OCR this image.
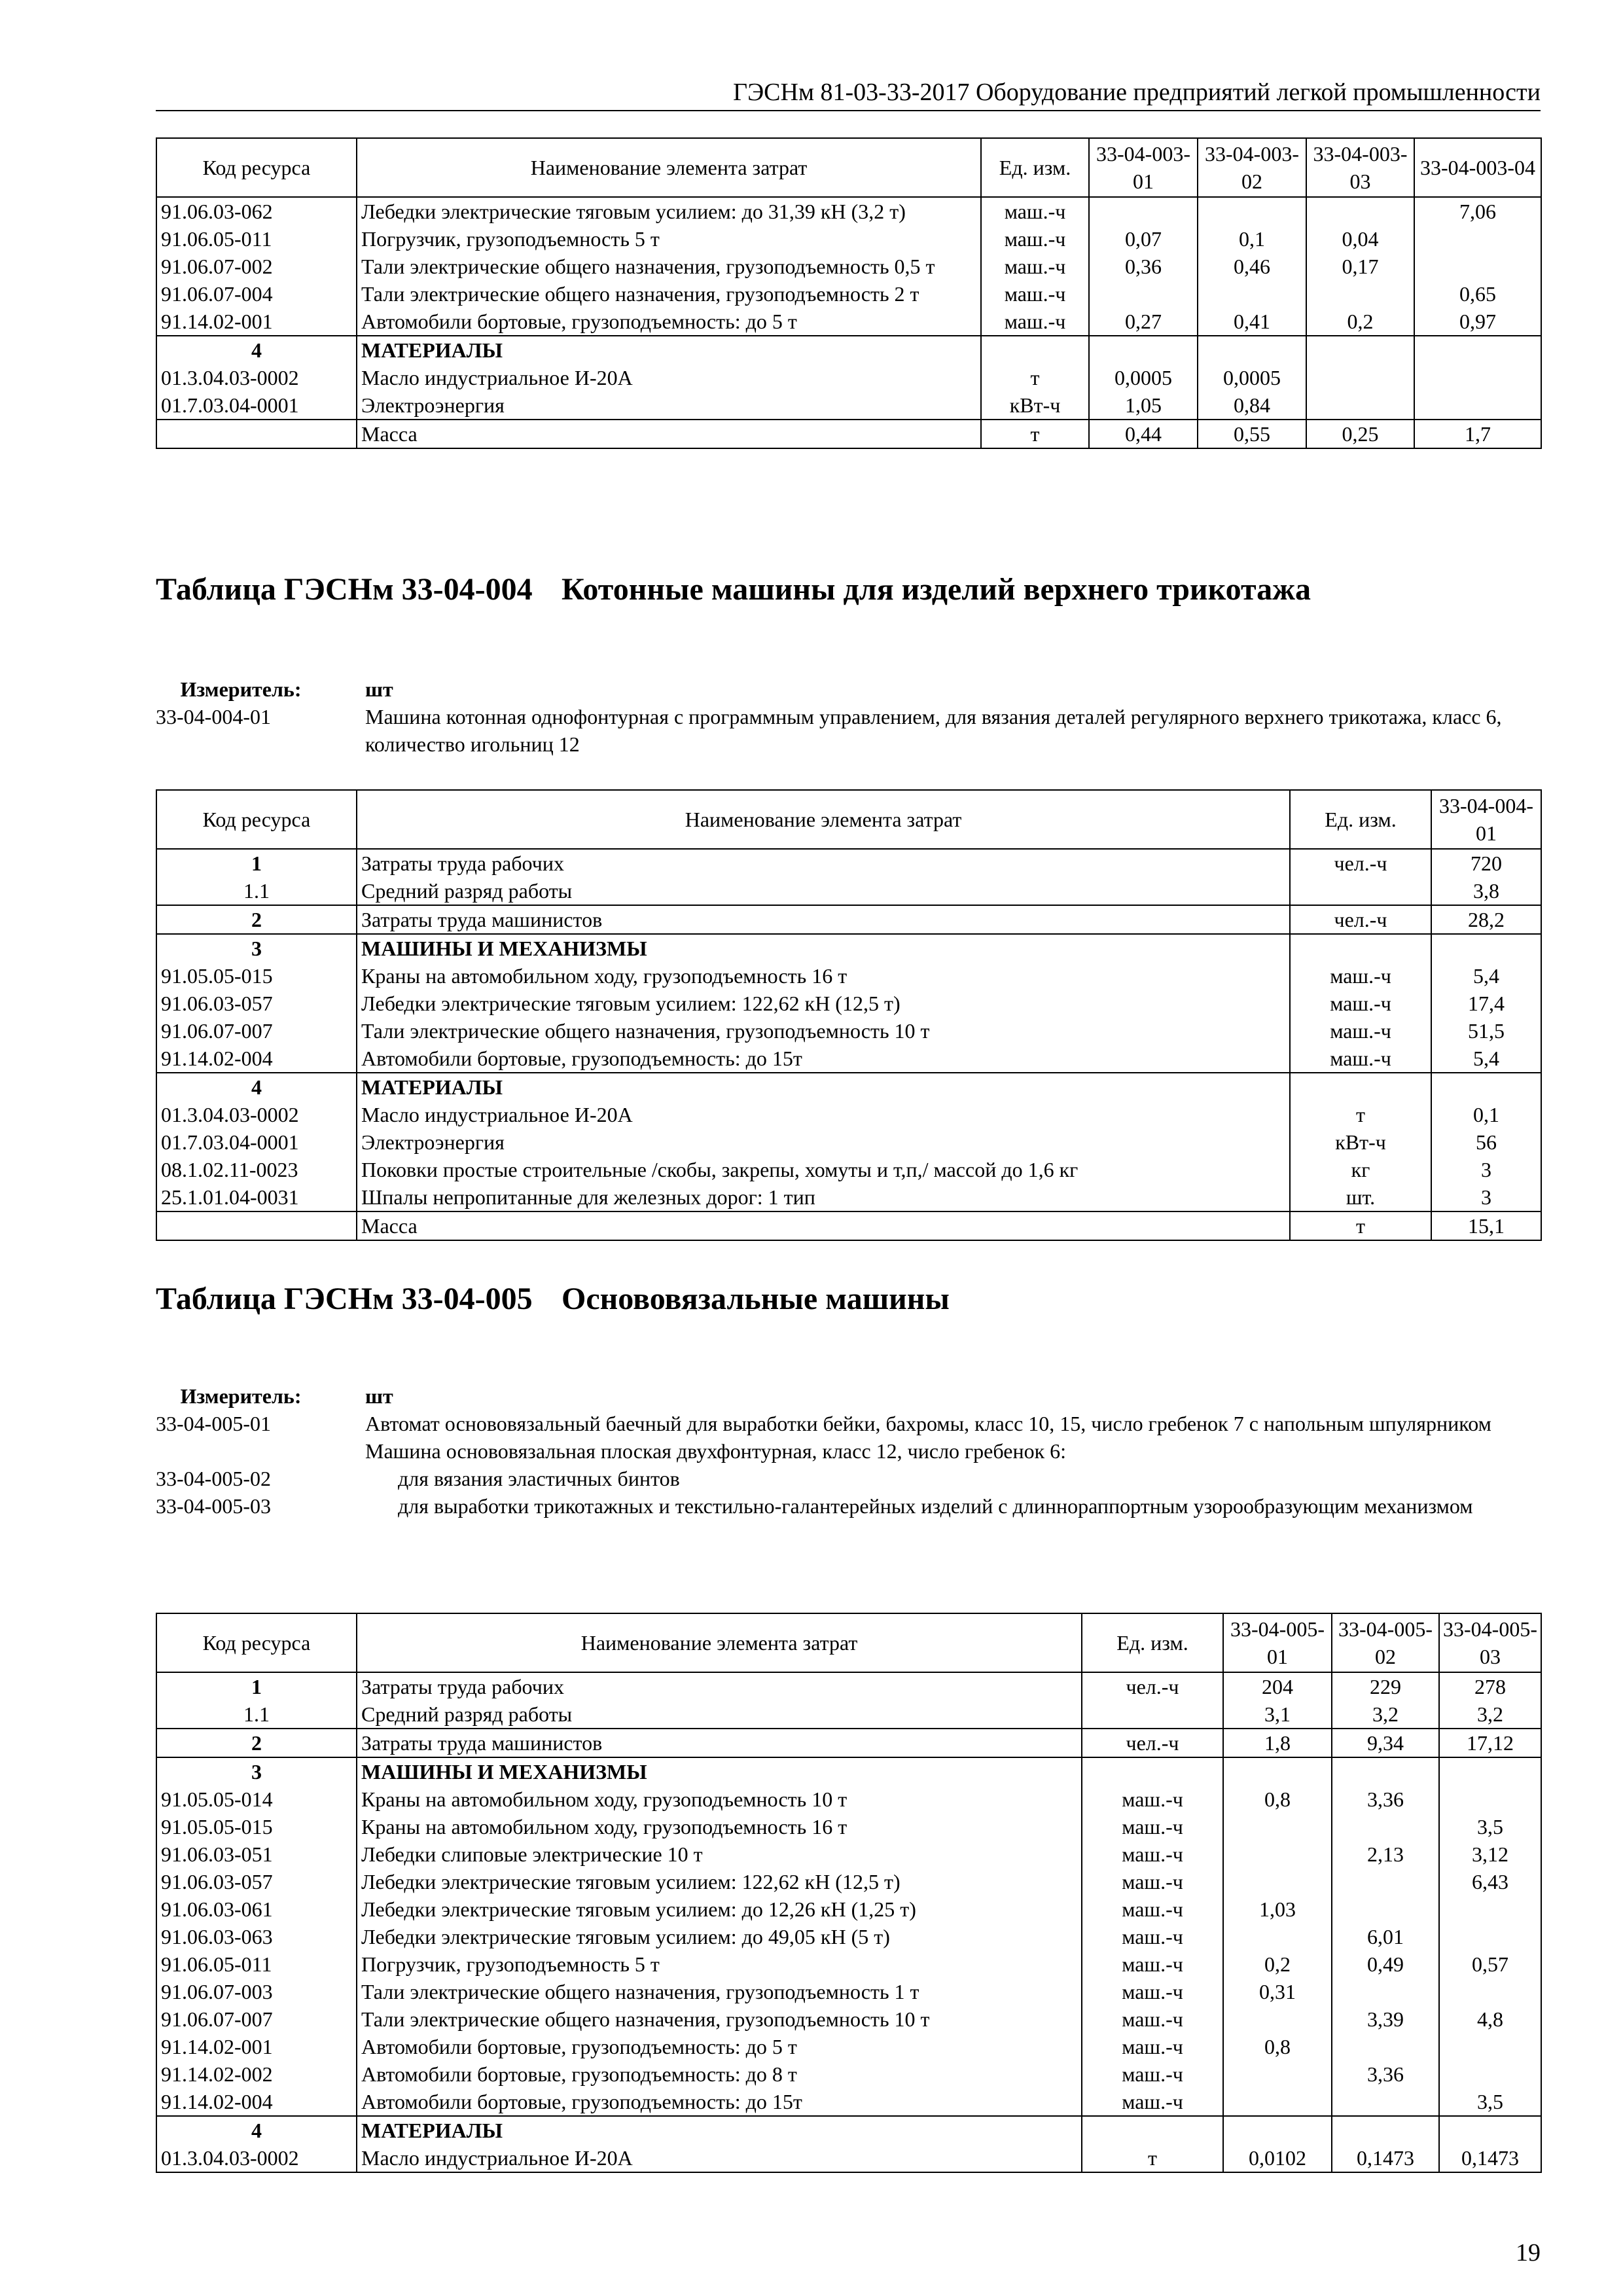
ГЭСНм 81-03-33-2017 Оборудование предприятий легкой промышленности
Код ресурса	Наименование элемента затрат	Ед. изм.	33-04-003-01	33-04-003-02	33-04-003-03	33-04-003-04
91.06.03-062	Лебедки электрические тяговым усилием: до 31,39 кН (3,2 т)	маш.-ч				7,06
91.06.05-011	Погрузчик, грузоподъемность 5 т	маш.-ч	0,07	0,1	0,04	
91.06.07-002	Тали электрические общего назначения, грузоподъемность 0,5 т	маш.-ч	0,36	0,46	0,17	
91.06.07-004	Тали электрические общего назначения, грузоподъемность 2 т	маш.-ч				0,65
91.14.02-001	Автомобили бортовые, грузоподъемность: до 5 т	маш.-ч	0,27	0,41	0,2	0,97
4	МАТЕРИАЛЫ					
01.3.04.03-0002	Масло индустриальное И-20А	т	0,0005	0,0005		
01.7.03.04-0001	Электроэнергия	кВт-ч	1,05	0,84		
	Масса	т	0,44	0,55	0,25	1,7
Таблица ГЭСНм 33-04-004 Котонные машины для изделий верхнего трикотажа
Измеритель:	шт
33-04-004-01	Машина котонная однофонтурная с программным управлением, для вязания деталей регулярного верхнего трикотажа, класс 6, количество игольниц 12
Код ресурса	Наименование элемента затрат	Ед. изм.	33-04-004-01
1	Затраты труда рабочих	чел.-ч	720
1.1	Средний разряд работы		3,8
2	Затраты труда машинистов	чел.-ч	28,2
3	МАШИНЫ И МЕХАНИЗМЫ		
91.05.05-015	Краны на автомобильном ходу, грузоподъемность 16 т	маш.-ч	5,4
91.06.03-057	Лебедки электрические тяговым усилием: 122,62 кН (12,5 т)	маш.-ч	17,4
91.06.07-007	Тали электрические общего назначения, грузоподъемность 10 т	маш.-ч	51,5
91.14.02-004	Автомобили бортовые, грузоподъемность: до 15т	маш.-ч	5,4
4	МАТЕРИАЛЫ		
01.3.04.03-0002	Масло индустриальное И-20А	т	0,1
01.7.03.04-0001	Электроэнергия	кВт-ч	56
08.1.02.11-0023	Поковки простые строительные /скобы, закрепы, хомуты и т,п,/ массой до 1,6 кг	кг	3
25.1.01.04-0031	Шпалы непропитанные для железных дорог: 1 тип	шт.	3
	Масса	т	15,1
Таблица ГЭСНм 33-04-005 Основовязальные машины
Измеритель:	шт
33-04-005-01	Автомат основовязальный баечный для выработки бейки, бахромы, класс 10, 15, число гребенок 7 с напольным шпулярником
Машина основовязальная плоская двухфонтурная, класс 12, число гребенок 6:
33-04-005-02	для вязания эластичных бинтов
33-04-005-03	для выработки трикотажных и текстильно-галантерейных изделий с длиннораппортным узорообразующим механизмом
Код ресурса	Наименование элемента затрат	Ед. изм.	33-04-005-01	33-04-005-02	33-04-005-03
1	Затраты труда рабочих	чел.-ч	204	229	278
1.1	Средний разряд работы		3,1	3,2	3,2
2	Затраты труда машинистов	чел.-ч	1,8	9,34	17,12
3	МАШИНЫ И МЕХАНИЗМЫ				
91.05.05-014	Краны на автомобильном ходу, грузоподъемность 10 т	маш.-ч	0,8	3,36	
91.05.05-015	Краны на автомобильном ходу, грузоподъемность 16 т	маш.-ч			3,5
91.06.03-051	Лебедки слиповые электрические 10 т	маш.-ч		2,13	3,12
91.06.03-057	Лебедки электрические тяговым усилием: 122,62 кН (12,5 т)	маш.-ч			6,43
91.06.03-061	Лебедки электрические тяговым усилием: до 12,26 кН (1,25 т)	маш.-ч	1,03		
91.06.03-063	Лебедки электрические тяговым усилием: до 49,05 кН (5 т)	маш.-ч		6,01	
91.06.05-011	Погрузчик, грузоподъемность 5 т	маш.-ч	0,2	0,49	0,57
91.06.07-003	Тали электрические общего назначения, грузоподъемность 1 т	маш.-ч	0,31		
91.06.07-007	Тали электрические общего назначения, грузоподъемность 10 т	маш.-ч		3,39	4,8
91.14.02-001	Автомобили бортовые, грузоподъемность: до 5 т	маш.-ч	0,8		
91.14.02-002	Автомобили бортовые, грузоподъемность: до 8 т	маш.-ч		3,36	
91.14.02-004	Автомобили бортовые, грузоподъемность: до 15т	маш.-ч			3,5
4	МАТЕРИАЛЫ				
01.3.04.03-0002	Масло индустриальное И-20А	т	0,0102	0,1473	0,1473
19
